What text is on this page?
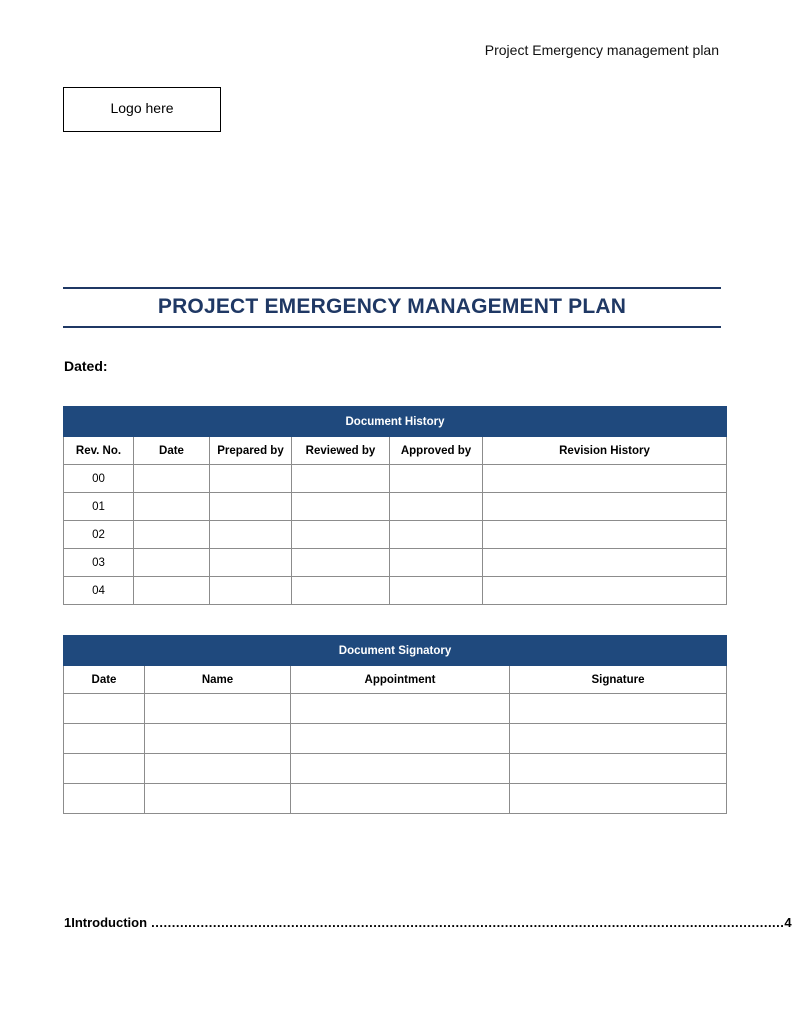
Project Emergency management plan
Logo here
PROJECT EMERGENCY MANAGEMENT PLAN
Dated:
Document History					
Rev. No.	Date	Prepared by	Reviewed by	Approved by	Revision History
00					
01					
02					
03					
04					
Document Signatory			
Date	Name	Appointment	Signature

1 Introduction .......................................................................................................................................................... 4
